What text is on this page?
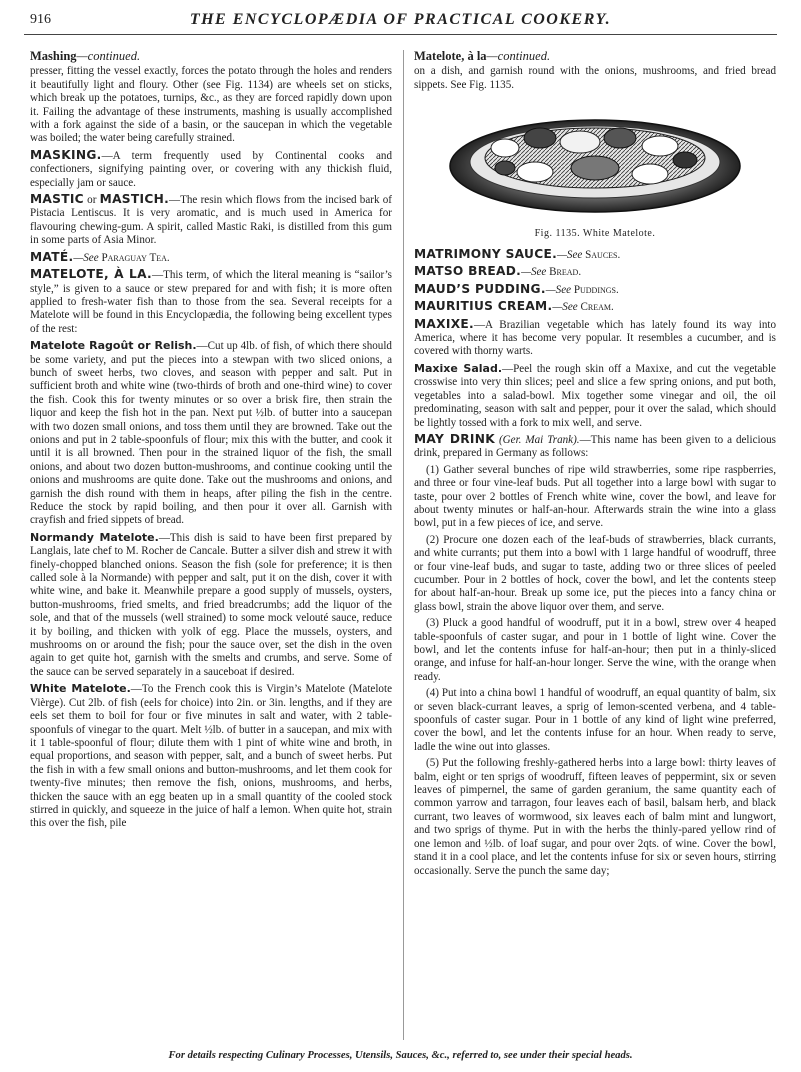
916	THE ENCYCLOPÆDIA OF PRACTICAL COOKERY.
Mashing—continued.

presser, fitting the vessel exactly, forces the potato through the holes and renders it beautifully light and floury. Other (see Fig. 1134) are wheels set on sticks, which break up the potatoes, turnips, &c., as they are forced rapidly down upon it. Failing the advantage of these instruments, mashing is usually accomplished with a fork against the side of a basin, or the saucepan in which the vegetable was boiled; the water being carefully strained.

MASKING.—A term frequently used by Continental cooks and confectioners, signifying painting over, or covering with any thickish fluid, especially jam or sauce.

MASTIC or MASTICH.—The resin which flows from the incised bark of Pistacia Lentiscus. It is very aromatic, and is much used in America for flavouring chewing-gum. A spirit, called Mastic Raki, is distilled from this gum in some parts of Asia Minor.

MATÉ.—See Paraguay Tea.

MATELOTE, À LA.—This term, of which the literal meaning is “sailor’s style,” is given to a sauce or stew prepared for and with fish; it is more often applied to fresh-water fish than to those from the sea. Several receipts for a Matelote will be found in this Encyclopædia, the following being excellent types of the rest:

Matelote Ragoût or Relish.—Cut up 4lb. of fish, of which there should be some variety, and put the pieces into a stewpan with two sliced onions, a bunch of sweet herbs, two cloves, and season with pepper and salt. Put in sufficient broth and white wine (two-thirds of broth and one-third wine) to cover the fish. Cook this for twenty minutes or so over a brisk fire, then strain the liquor and keep the fish hot in the pan. Next put ½lb. of butter into a saucepan with two dozen small onions, and toss them until they are browned. Take out the onions and put in 2 table-spoonfuls of flour; mix this with the butter, and cook it until it is all browned. Then pour in the strained liquor of the fish, the small onions, and about two dozen button-mushrooms, and continue cooking until the onions and mushrooms are quite done. Take out the mushrooms and onions, and garnish the dish round with them in heaps, after piling the fish in the centre. Reduce the stock by rapid boiling, and then pour it over all. Garnish with crayfish and fried sippets of bread.

Normandy Matelote.—This dish is said to have been first prepared by Langlais, late chef to M. Rocher de Cancale. Butter a silver dish and strew it with finely-chopped blanched onions. Season the fish (sole for preference; it is then called sole à la Normande) with pepper and salt, put it on the dish, cover it with white wine, and bake it. Meanwhile prepare a good supply of mussels, oysters, button-mushrooms, fried smelts, and fried breadcrumbs; add the liquor of the sole, and that of the mussels (well strained) to some mock velouté sauce, reduce it by boiling, and thicken with yolk of egg. Place the mussels, oysters, and mushrooms on or around the fish; pour the sauce over, set the dish in the oven again to get quite hot, garnish with the smelts and crumbs, and serve. Some of the sauce can be served separately in a sauceboat if desired.

White Matelote.—To the French cook this is Virgin’s Matelote (Matelote Vièrge). Cut 2lb. of fish (eels for choice) into 2in. or 3in. lengths, and if they are eels set them to boil for four or five minutes in salt and water, with 2 table-spoonfuls of vinegar to the quart. Melt ½lb. of butter in a saucepan, and mix with it 1 table-spoonful of flour; dilute them with 1 pint of white wine and broth, in equal proportions, and season with pepper, salt, and a bunch of sweet herbs. Put the fish in with a few small onions and button-mushrooms, and let them cook for twenty-five minutes; then remove the fish, onions, mushrooms, and herbs, thicken the sauce with an egg beaten up in a small quantity of the cooled stock stirred in quickly, and squeeze in the juice of half a lemon. When quite hot, strain this over the fish, pile

Matelote, à la—continued.

on a dish, and garnish round with the onions, mushrooms, and fried bread sippets. See Fig. 1135.

Fig. 1135. White Matelote.

MATRIMONY SAUCE.—See Sauces.

MATSO BREAD.—See Bread.

MAUD’S PUDDING.—See Puddings.

MAURITIUS CREAM.—See Cream.

MAXIXE.—A Brazilian vegetable which has lately found its way into America, where it has become very popular. It resembles a cucumber, and is covered with thorny warts.

Maxixe Salad.—Peel the rough skin off a Maxixe, and cut the vegetable crosswise into very thin slices; peel and slice a few spring onions, and put both, vegetables into a salad-bowl. Mix together some vinegar and oil, the oil predominating, season with salt and pepper, pour it over the salad, which should be lightly tossed with a fork to mix well, and serve.

MAY DRINK (Ger. Mai Trank).—This name has been given to a delicious drink, prepared in Germany as follows:

(1) Gather several bunches of ripe wild strawberries, some ripe raspberries, and three or four vine-leaf buds. Put all together into a large bowl with sugar to taste, pour over 2 bottles of French white wine, cover the bowl, and leave for about twenty minutes or half-an-hour. Afterwards strain the wine into a glass bowl, put in a few pieces of ice, and serve.

(2) Procure one dozen each of the leaf-buds of strawberries, black currants, and white currants; put them into a bowl with 1 large handful of woodruff, three or four vine-leaf buds, and sugar to taste, adding two or three slices of peeled cucumber. Pour in 2 bottles of hock, cover the bowl, and let the contents steep for about half-an-hour. Break up some ice, put the pieces into a fancy china or glass bowl, strain the above liquor over them, and serve.

(3) Pluck a good handful of woodruff, put it in a bowl, strew over 4 heaped table-spoonfuls of caster sugar, and pour in 1 bottle of light wine. Cover the bowl, and let the contents infuse for half-an-hour; then put in a thinly-sliced orange, and infuse for half-an-hour longer. Serve the wine, with the orange when ready.

(4) Put into a china bowl 1 handful of woodruff, an equal quantity of balm, six or seven black-currant leaves, a sprig of lemon-scented verbena, and 4 table-spoonfuls of caster sugar. Pour in 1 bottle of any kind of light wine preferred, cover the bowl, and let the contents infuse for an hour. When ready to serve, ladle the wine out into glasses.

(5) Put the following freshly-gathered herbs into a large bowl: thirty leaves of balm, eight or ten sprigs of woodruff, fifteen leaves of peppermint, six or seven leaves of pimpernel, the same of garden geranium, the same quantity each of common yarrow and tarragon, four leaves each of basil, balsam herb, and black currant, two leaves of wormwood, six leaves each of balm mint and lungwort, and two sprigs of thyme. Put in with the herbs the thinly-pared yellow rind of one lemon and ½lb. of loaf sugar, and pour over 2qts. of wine. Cover the bowl, stand it in a cool place, and let the contents infuse for six or seven hours, stirring occasionally. Serve the punch the same day;

For details respecting Culinary Processes, Utensils, Sauces, &c., referred to, see under their special heads.
